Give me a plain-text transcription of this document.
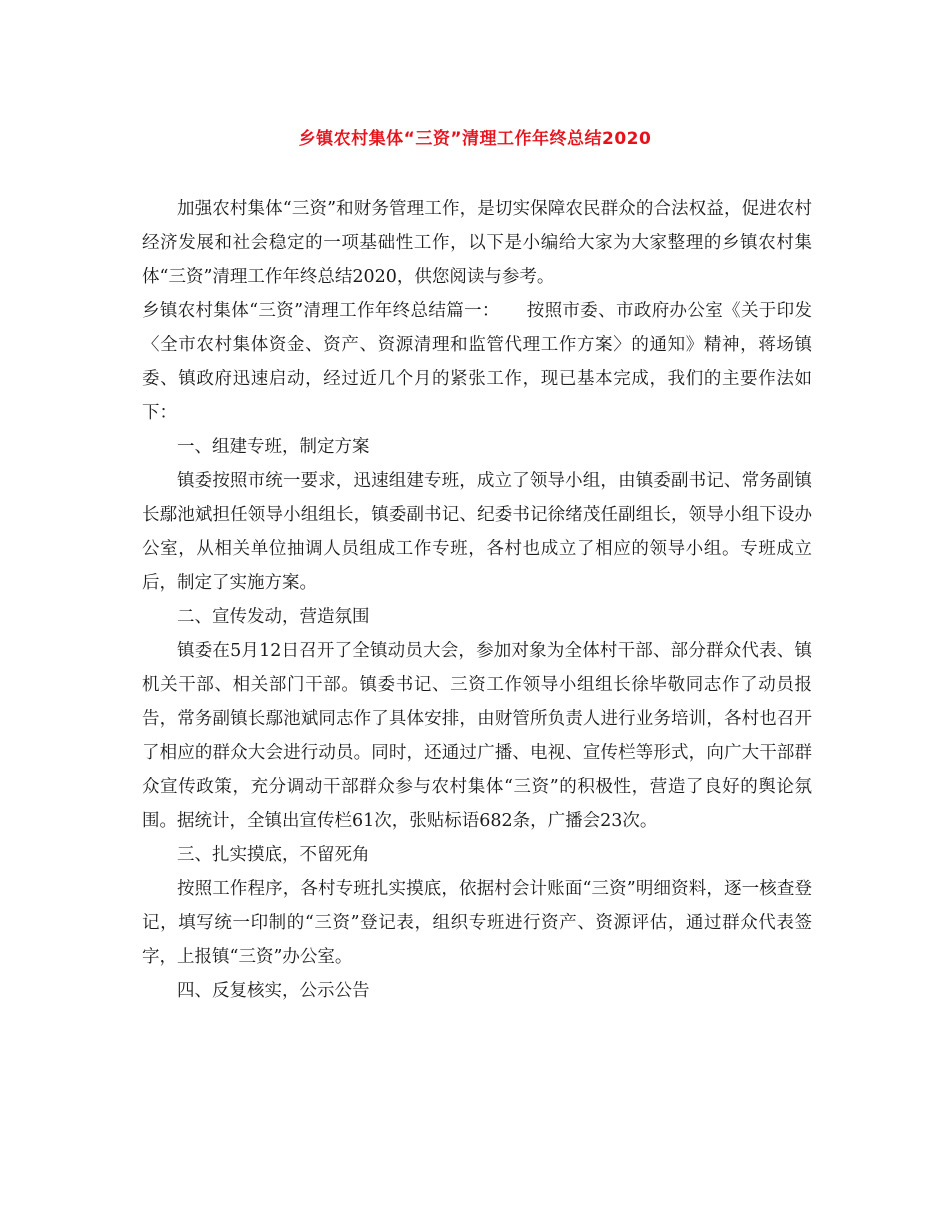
乡镇农村集体“三资”清理工作年终总结2020

加强农村集体“三资”和财务管理工作，是切实保障农民群众的合法权益，促进农村经济发展和社会稳定的一项基础性工作，以下是小编给大家为大家整理的乡镇农村集体“三资”清理工作年终总结2020，供您阅读与参考。

乡镇农村集体“三资”清理工作年终总结篇一：　　按照市委、市政府办公室《关于印发〈全市农村集体资金、资产、资源清理和监管代理工作方案〉的通知》精神，蒋场镇委、镇政府迅速启动，经过近几个月的紧张工作，现已基本完成，我们的主要作法如下：

一、组建专班，制定方案

镇委按照市统一要求，迅速组建专班，成立了领导小组，由镇委副书记、常务副镇长鄢池斌担任领导小组组长，镇委副书记、纪委书记徐绪茂任副组长，领导小组下设办公室，从相关单位抽调人员组成工作专班，各村也成立了相应的领导小组。专班成立后，制定了实施方案。

二、宣传发动，营造氛围

镇委在5月12日召开了全镇动员大会，参加对象为全体村干部、部分群众代表、镇机关干部、相关部门干部。镇委书记、三资工作领导小组组长徐毕敬同志作了动员报告，常务副镇长鄢池斌同志作了具体安排，由财管所负责人进行业务培训，各村也召开了相应的群众大会进行动员。同时，还通过广播、电视、宣传栏等形式，向广大干部群众宣传政策，充分调动干部群众参与农村集体“三资”的积极性，营造了良好的舆论氛围。据统计，全镇出宣传栏61次，张贴标语682条，广播会23次。

三、扎实摸底，不留死角

按照工作程序，各村专班扎实摸底，依据村会计账面“三资”明细资料，逐一核查登记，填写统一印制的“三资”登记表，组织专班进行资产、资源评估，通过群众代表签字，上报镇“三资”办公室。

四、反复核实，公示公告
